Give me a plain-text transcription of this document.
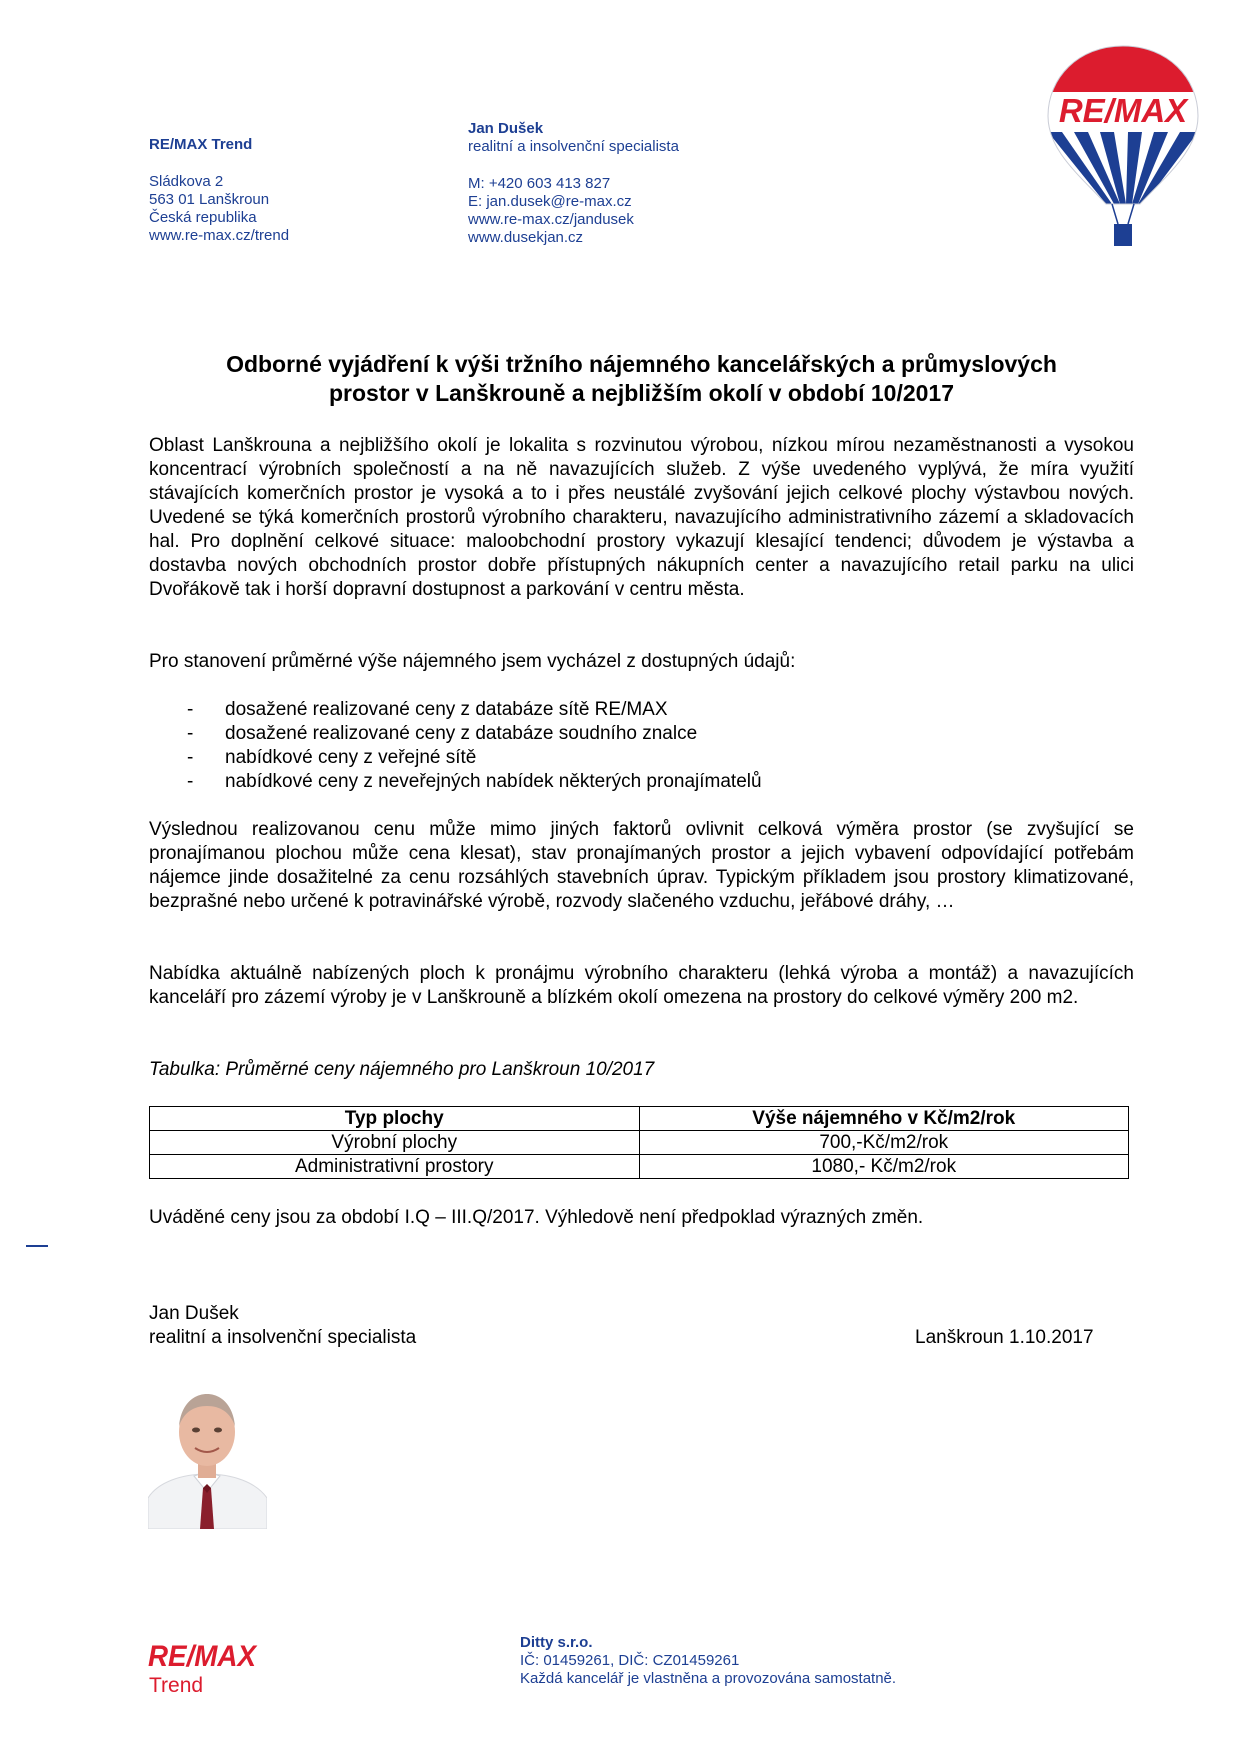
RE/MAX Trend
Sládkova 2
563 01 Lanškroun
Česká republika
www.re-max.cz/trend
Jan Dušek
realitní a insolvenční specialista
M: +420 603 413 827
E: jan.dusek@re-max.cz
www.re-max.cz/jandusek
www.dusekjan.cz
RE/MAX
Odborné vyjádření k výši tržního nájemného kancelářských a průmyslových
prostor v Lanškrouně a nejbližším okolí v období 10/2017

Oblast Lanškrouna a nejbližšího okolí je lokalita s rozvinutou výrobou, nízkou mírou nezaměstnanosti a vysokou koncentrací výrobních společností a na ně navazujících služeb. Z výše uvedeného vyplývá, že míra využití stávajících komerčních prostor je vysoká a to i přes neustálé zvyšování jejich celkové plochy výstavbou nových. Uvedené se týká komerčních prostorů výrobního charakteru, navazujícího administrativního zázemí a skladovacích hal. Pro doplnění celkové situace: maloobchodní prostory vykazují klesající tendenci; důvodem je výstavba a dostavba nových obchodních prostor dobře přístupných nákupních center a navazujícího retail parku na ulici Dvořákově tak i horší dopravní dostupnost a parkování v centru města.

Pro stanovení průměrné výše nájemného jsem vycházel z dostupných údajů:

- dosažené realizované ceny z databáze sítě RE/MAX
- dosažené realizované ceny z databáze soudního znalce
- nabídkové ceny z veřejné sítě
- nabídkové ceny z neveřejných nabídek některých pronajímatelů

Výslednou realizovanou cenu může mimo jiných faktorů ovlivnit celková výměra prostor (se zvyšující se pronajímanou plochou může cena klesat), stav pronajímaných prostor a jejich vybavení odpovídající potřebám nájemce jinde dosažitelné za cenu rozsáhlých stavebních úprav. Typickým příkladem jsou prostory klimatizované, bezprašné nebo určené k potravinářské výrobě, rozvody slačeného vzduchu, jeřábové dráhy, …

Nabídka aktuálně nabízených ploch k pronájmu výrobního charakteru (lehká výroba a montáž) a navazujících kanceláří pro zázemí výroby je v Lanškrouně a blízkém okolí omezena na prostory do celkové výměry 200 m2.

Tabulka: Průměrné ceny nájemného pro Lanškroun 10/2017
Typ plochy	Výše nájemného v Kč/m2/rok
Výrobní plochy	700,-Kč/m2/rok
Administrativní prostory	1080,- Kč/m2/rok

Uváděné ceny jsou za období I.Q – III.Q/2017. Výhledově není předpoklad výrazných změn.

Jan Dušek
realitní a insolvenční specialista	Lanškroun 1.10.2017
RE/MAX
Trend
Ditty s.r.o.
IČ: 01459261, DIČ: CZ01459261
Každá kancelář je vlastněna a provozována samostatně.
